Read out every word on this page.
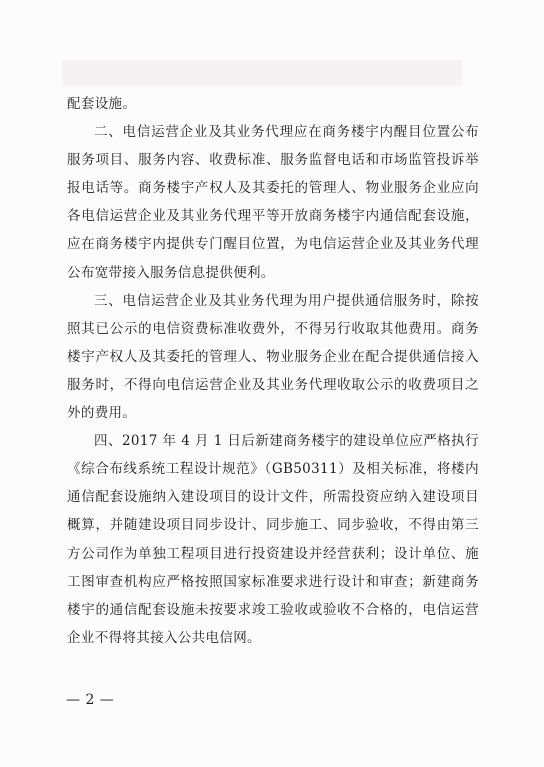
配套设施。

二、电信运营企业及其业务代理应在商务楼宇内醒目位置公布服务项目、服务内容、收费标准、服务监督电话和市场监管投诉举报电话等。商务楼宇产权人及其委托的管理人、物业服务企业应向各电信运营企业及其业务代理平等开放商务楼宇内通信配套设施，应在商务楼宇内提供专门醒目位置，为电信运营企业及其业务代理公布宽带接入服务信息提供便利。

三、电信运营企业及其业务代理为用户提供通信服务时，除按照其已公示的电信资费标准收费外，不得另行收取其他费用。商务楼宇产权人及其委托的管理人、物业服务企业在配合提供通信接入服务时，不得向电信运营企业及其业务代理收取公示的收费项目之外的费用。

四、2017 年 4 月 1 日后新建商务楼宇的建设单位应严格执行《综合布线系统工程设计规范》（GB50311）及相关标准，将楼内通信配套设施纳入建设项目的设计文件，所需投资应纳入建设项目概算，并随建设项目同步设计、同步施工、同步验收，不得由第三方公司作为单独工程项目进行投资建设并经营获利；设计单位、施工图审查机构应严格按照国家标准要求进行设计和审查；新建商务楼宇的通信配套设施未按要求竣工验收或验收不合格的，电信运营企业不得将其接入公共电信网。

— 2 —
